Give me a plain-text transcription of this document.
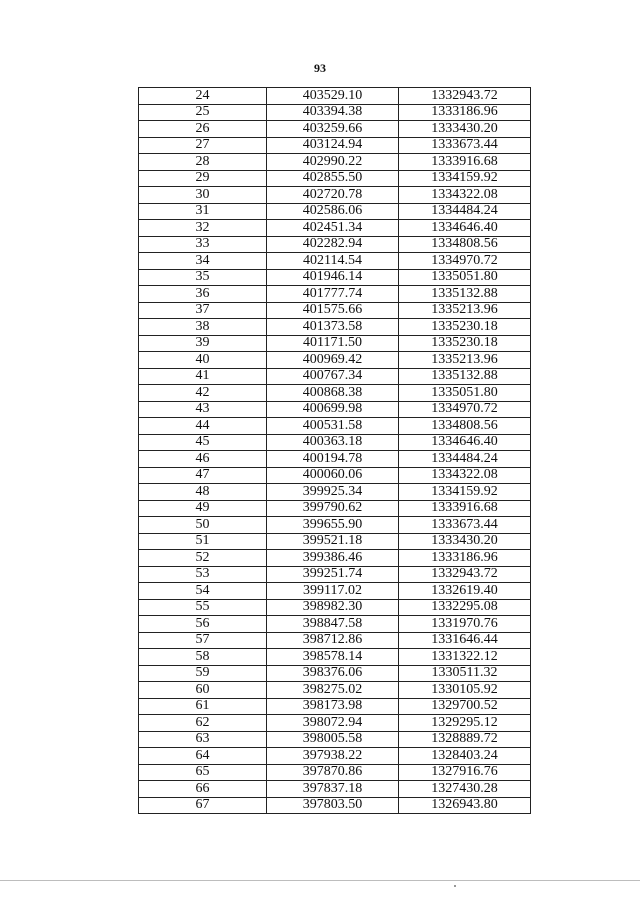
93
24	403529.10	1332943.72
25	403394.38	1333186.96
26	403259.66	1333430.20
27	403124.94	1333673.44
28	402990.22	1333916.68
29	402855.50	1334159.92
30	402720.78	1334322.08
31	402586.06	1334484.24
32	402451.34	1334646.40
33	402282.94	1334808.56
34	402114.54	1334970.72
35	401946.14	1335051.80
36	401777.74	1335132.88
37	401575.66	1335213.96
38	401373.58	1335230.18
39	401171.50	1335230.18
40	400969.42	1335213.96
41	400767.34	1335132.88
42	400868.38	1335051.80
43	400699.98	1334970.72
44	400531.58	1334808.56
45	400363.18	1334646.40
46	400194.78	1334484.24
47	400060.06	1334322.08
48	399925.34	1334159.92
49	399790.62	1333916.68
50	399655.90	1333673.44
51	399521.18	1333430.20
52	399386.46	1333186.96
53	399251.74	1332943.72
54	399117.02	1332619.40
55	398982.30	1332295.08
56	398847.58	1331970.76
57	398712.86	1331646.44
58	398578.14	1331322.12
59	398376.06	1330511.32
60	398275.02	1330105.92
61	398173.98	1329700.52
62	398072.94	1329295.12
63	398005.58	1328889.72
64	397938.22	1328403.24
65	397870.86	1327916.76
66	397837.18	1327430.28
67	397803.50	1326943.80
